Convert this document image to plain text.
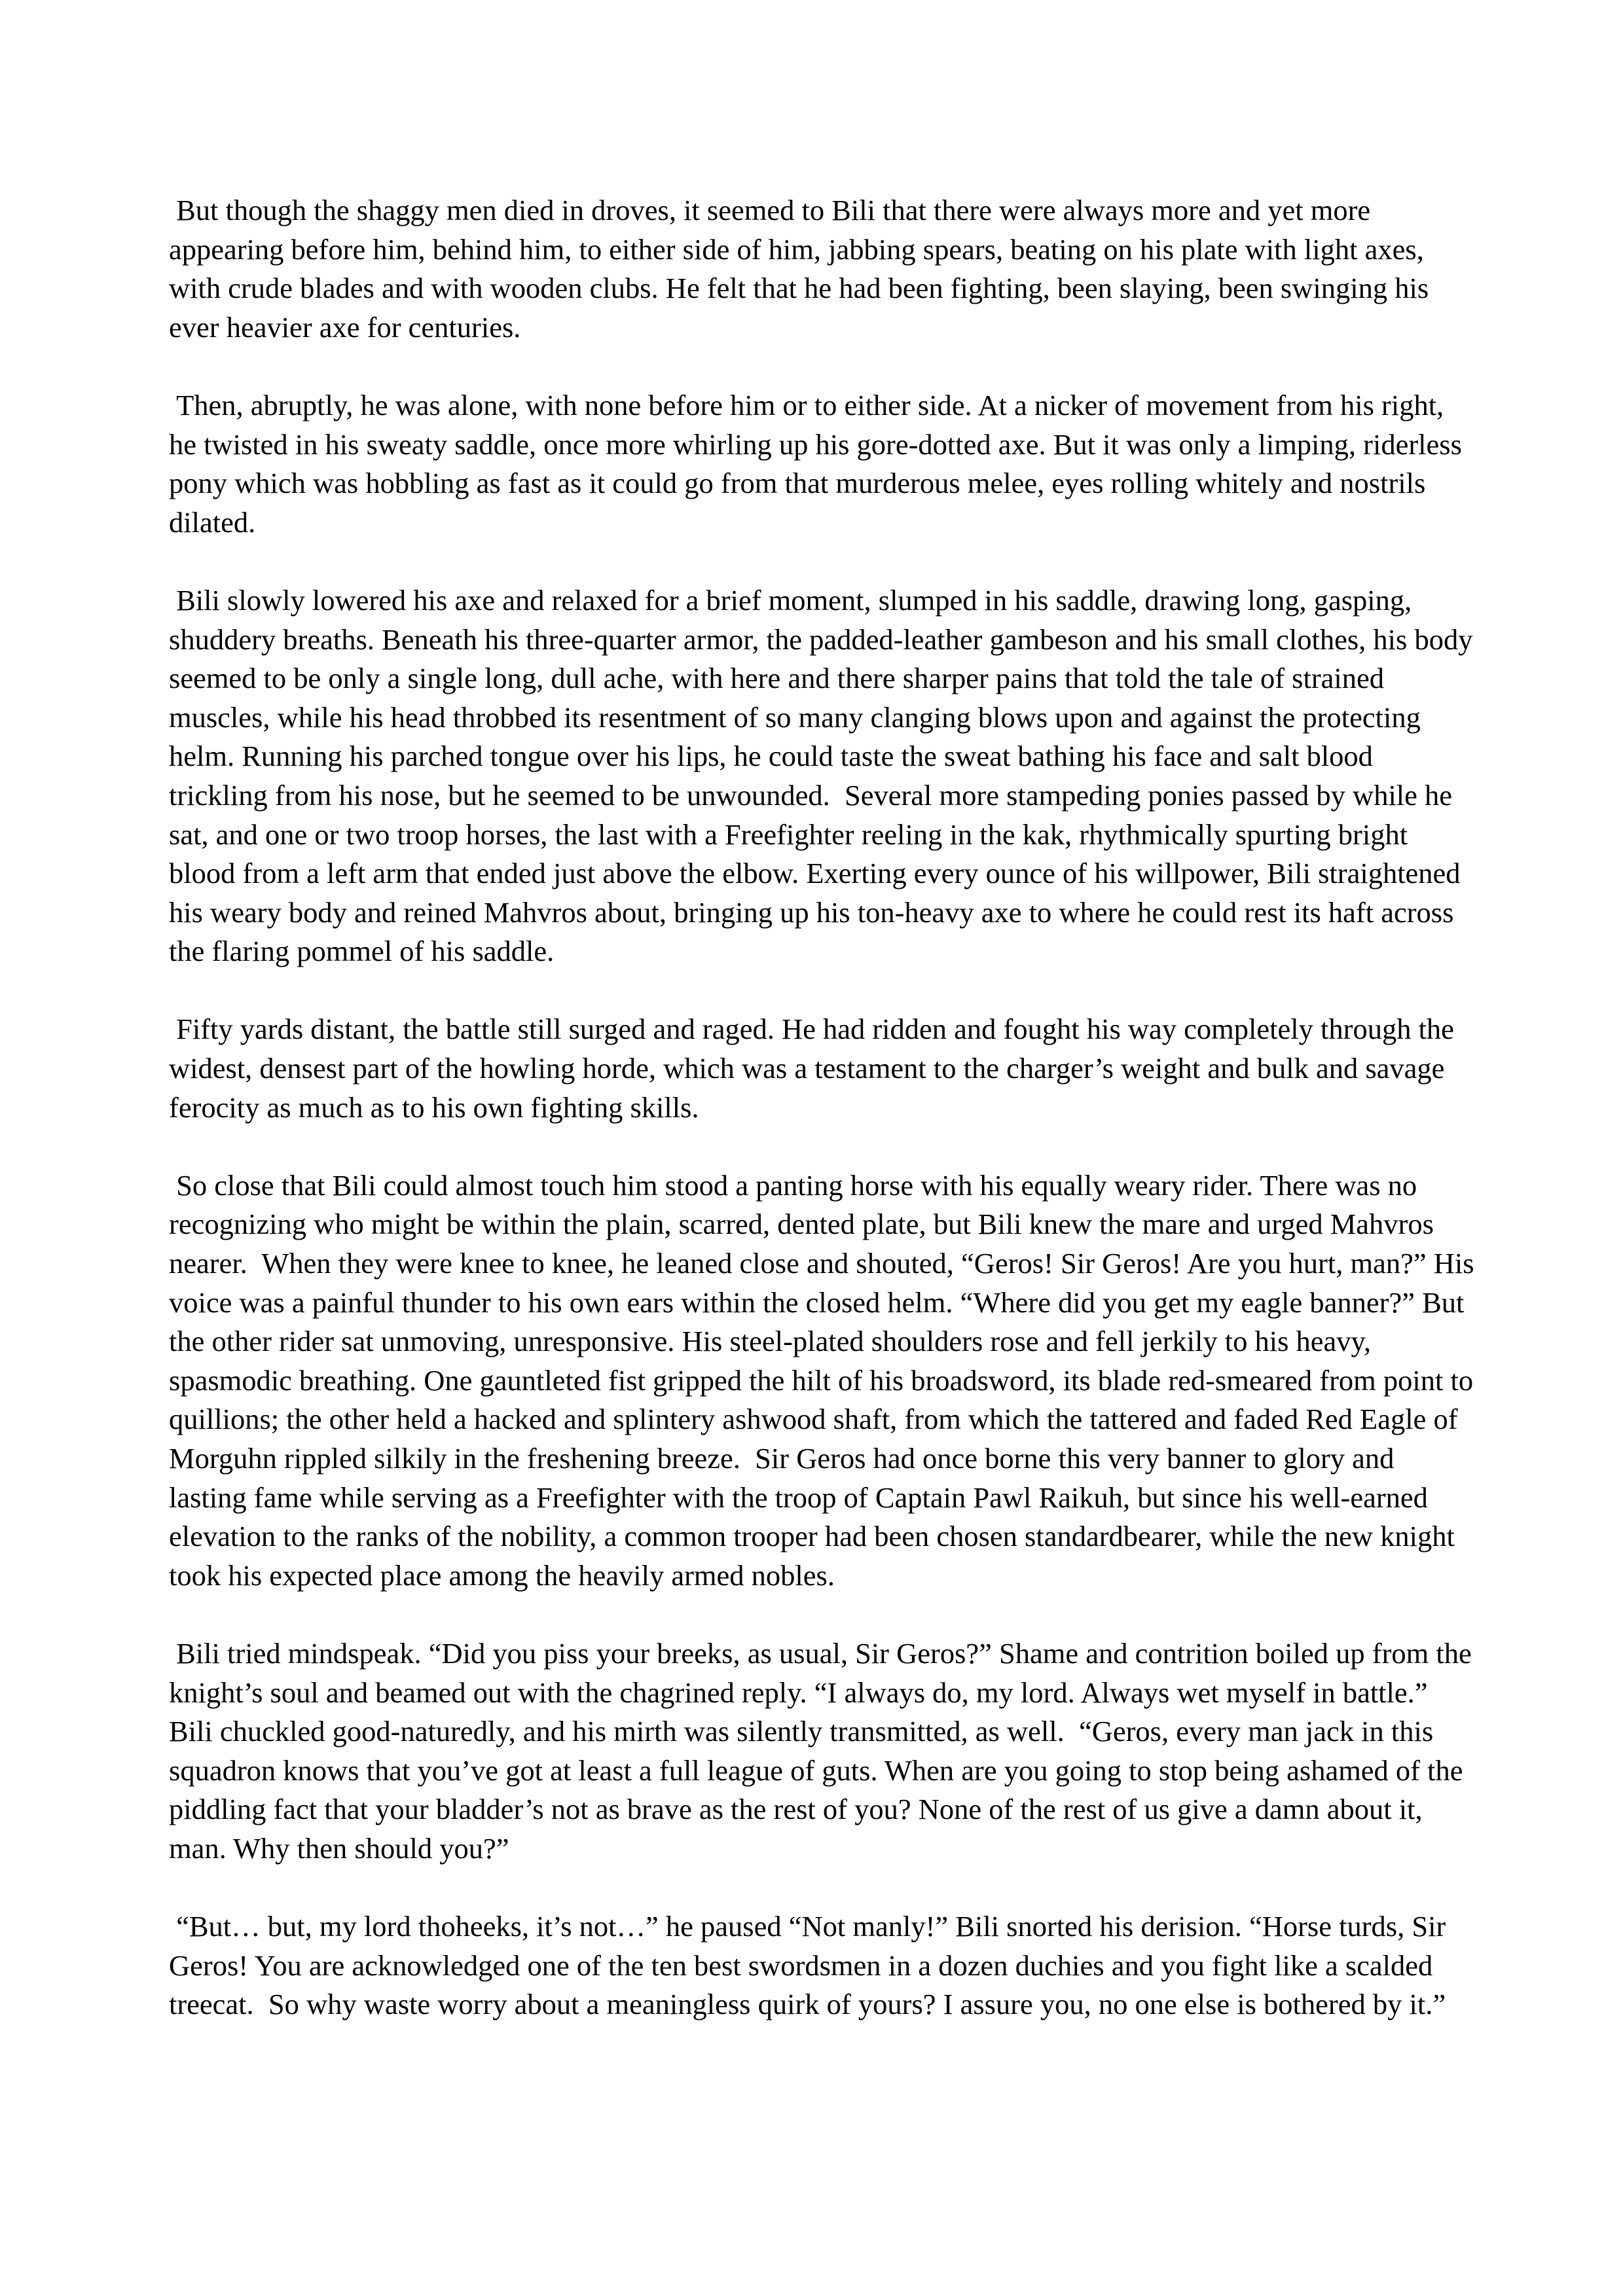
But though the shaggy men died in droves, it seemed to Bili that there were always more and yet more appearing before him, behind him, to either side of him, jabbing spears, beating on his plate with light axes, with crude blades and with wooden clubs. He felt that he had been fighting, been slaying, been swinging his ever heavier axe for centuries.

Then, abruptly, he was alone, with none before him or to either side. At a nicker of movement from his right, he twisted in his sweaty saddle, once more whirling up his gore-dotted axe. But it was only a limping, riderless pony which was hobbling as fast as it could go from that murderous melee, eyes rolling whitely and nostrils dilated.

Bili slowly lowered his axe and relaxed for a brief moment, slumped in his saddle, drawing long, gasping, shuddery breaths. Beneath his three-quarter armor, the padded-leather gambeson and his small clothes, his body seemed to be only a single long, dull ache, with here and there sharper pains that told the tale of strained muscles, while his head throbbed its resentment of so many clanging blows upon and against the protecting helm. Running his parched tongue over his lips, he could taste the sweat bathing his face and salt blood trickling from his nose, but he seemed to be unwounded.  Several more stampeding ponies passed by while he sat, and one or two troop horses, the last with a Freefighter reeling in the kak, rhythmically spurting bright blood from a left arm that ended just above the elbow. Exerting every ounce of his willpower, Bili straightened his weary body and reined Mahvros about, bringing up his ton-heavy axe to where he could rest its haft across the flaring pommel of his saddle.

Fifty yards distant, the battle still surged and raged. He had ridden and fought his way completely through the widest, densest part of the howling horde, which was a testament to the charger’s weight and bulk and savage ferocity as much as to his own fighting skills.

So close that Bili could almost touch him stood a panting horse with his equally weary rider. There was no recognizing who might be within the plain, scarred, dented plate, but Bili knew the mare and urged Mahvros nearer.  When they were knee to knee, he leaned close and shouted, “Geros! Sir Geros! Are you hurt, man?” His voice was a painful thunder to his own ears within the closed helm. “Where did you get my eagle banner?” But the other rider sat unmoving, unresponsive. His steel-plated shoulders rose and fell jerkily to his heavy, spasmodic breathing. One gauntleted fist gripped the hilt of his broadsword, its blade red-smeared from point to quillions; the other held a hacked and splintery ashwood shaft, from which the tattered and faded Red Eagle of Morguhn rippled silkily in the freshening breeze.  Sir Geros had once borne this very banner to glory and lasting fame while serving as a Freefighter with the troop of Captain Pawl Raikuh, but since his well-earned elevation to the ranks of the nobility, a common trooper had been chosen standardbearer, while the new knight took his expected place among the heavily armed nobles.

Bili tried mindspeak. “Did you piss your breeks, as usual, Sir Geros?” Shame and contrition boiled up from the knight’s soul and beamed out with the chagrined reply. “I always do, my lord. Always wet myself in battle.” Bili chuckled good-naturedly, and his mirth was silently transmitted, as well.  “Geros, every man jack in this squadron knows that you’ve got at least a full league of guts. When are you going to stop being ashamed of the piddling fact that your bladder’s not as brave as the rest of you? None of the rest of us give a damn about it, man. Why then should you?”

“But… but, my lord thoheeks, it’s not…” he paused “Not manly!” Bili snorted his derision. “Horse turds, Sir Geros! You are acknowledged one of the ten best swordsmen in a dozen duchies and you fight like a scalded treecat.  So why waste worry about a meaningless quirk of yours? I assure you, no one else is bothered by it.”
